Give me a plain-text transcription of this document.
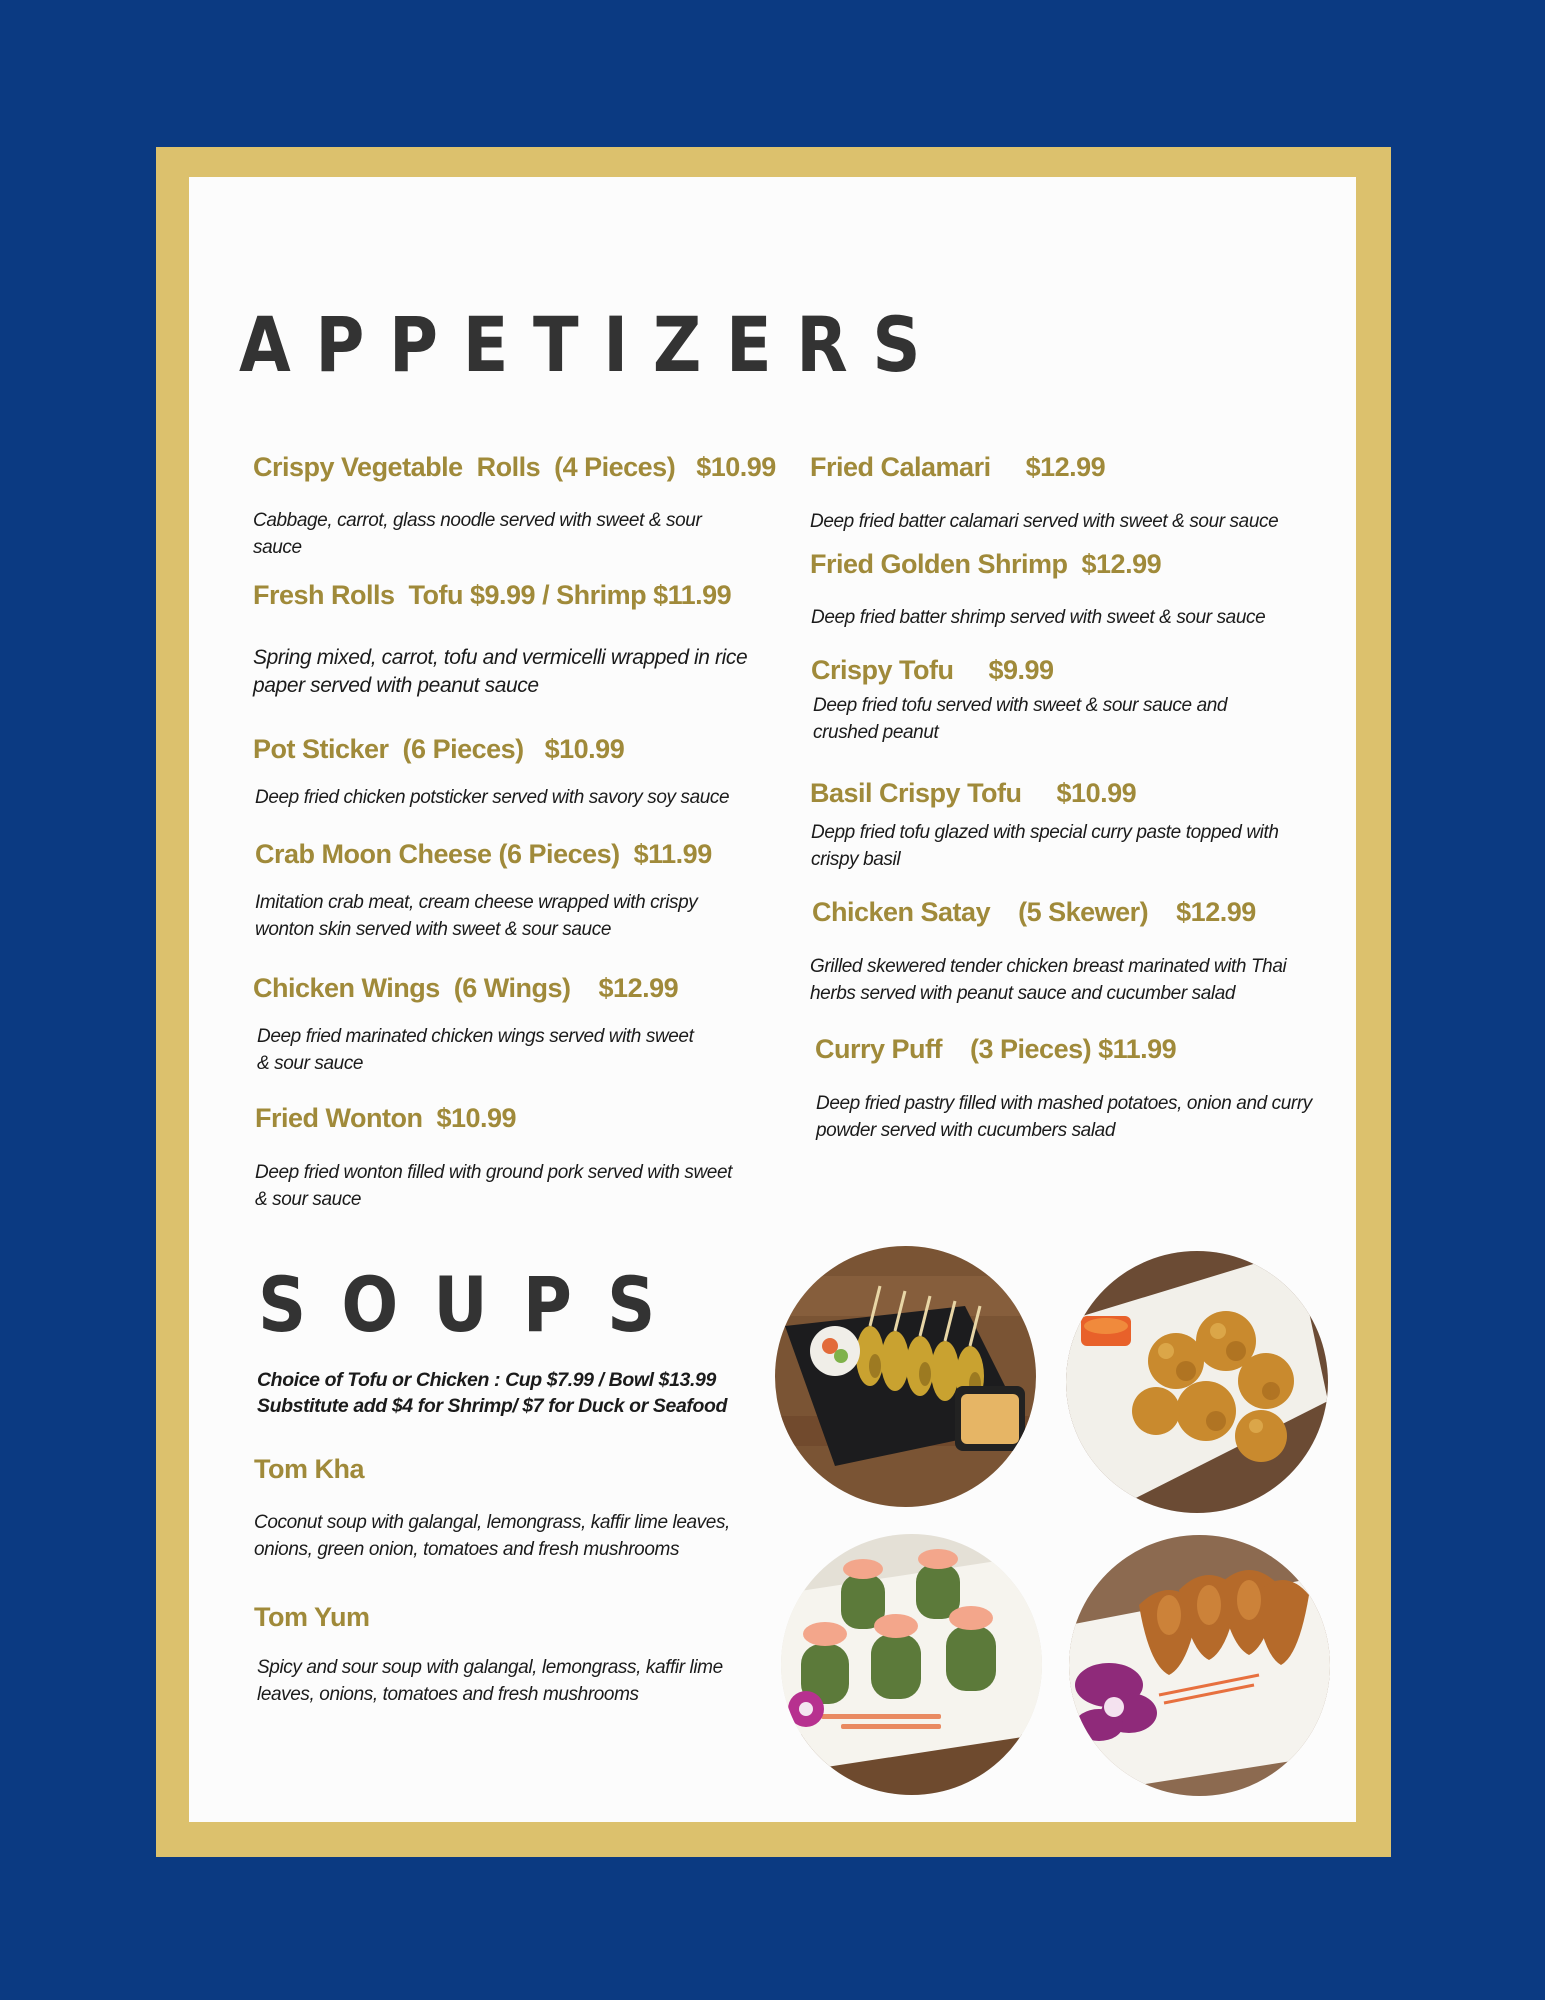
APPETIZERS
Crispy Vegetable  Rolls  (4 Pieces)   $10.99
Cabbage, carrot, glass noodle served with sweet & sour sauce
Fresh Rolls  Tofu $9.99 / Shrimp $11.99
Spring mixed, carrot, tofu and vermicelli wrapped in rice paper served with peanut sauce
Pot Sticker  (6 Pieces)   $10.99
Deep fried chicken potsticker served with savory soy sauce
Crab Moon Cheese (6 Pieces)  $11.99
Imitation crab meat, cream cheese wrapped with crispy wonton skin served with sweet & sour sauce
Chicken Wings  (6 Wings)    $12.99
Deep fried marinated chicken wings served with sweet & sour sauce
Fried Wonton  $10.99
Deep fried wonton filled with ground pork served with sweet & sour sauce
Fried Calamari     $12.99
Deep fried batter calamari served with sweet & sour sauce
Fried Golden Shrimp  $12.99
Deep fried batter shrimp served with sweet & sour sauce
Crispy Tofu     $9.99
Deep fried tofu served with sweet & sour sauce and crushed peanut
Basil Crispy Tofu     $10.99
Depp fried tofu glazed with special curry paste topped with crispy basil
Chicken Satay    (5 Skewer)    $12.99
Grilled skewered tender chicken breast marinated with Thai herbs served with peanut sauce and cucumber salad
Curry Puff    (3 Pieces) $11.99
Deep fried pastry filled with mashed potatoes, onion and curry powder served with cucumbers salad
SOUPS
Choice of Tofu or Chicken : Cup $7.99 / Bowl $13.99
Substitute add $4 for Shrimp/ $7 for Duck or Seafood
Tom Kha
Coconut soup with galangal, lemongrass, kaffir lime leaves, onions, green onion, tomatoes and fresh mushrooms
Tom Yum
Spicy and sour soup with galangal, lemongrass, kaffir lime leaves, onions, tomatoes and fresh mushrooms
